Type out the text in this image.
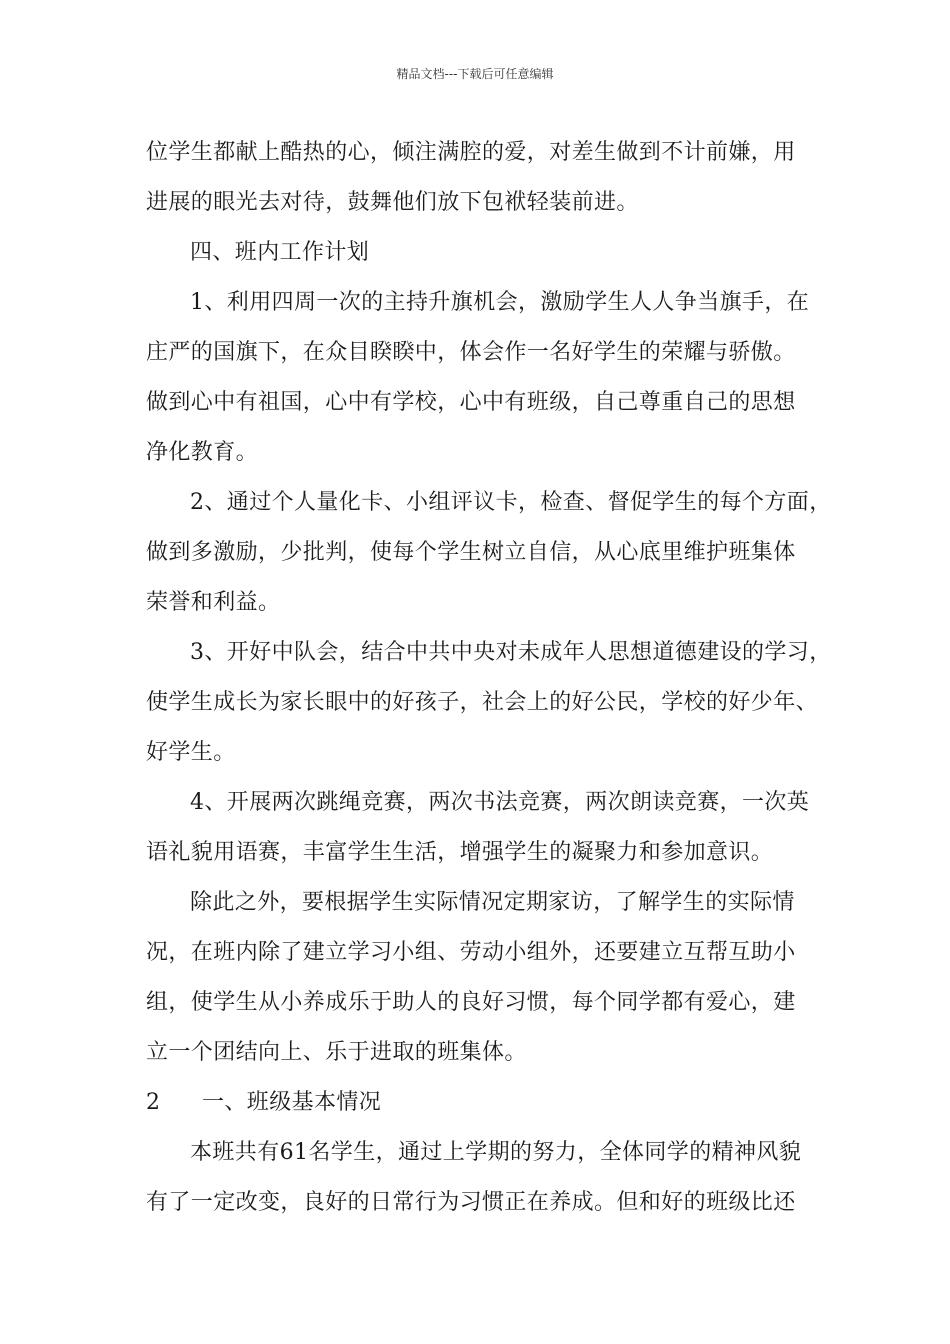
精品文档---下载后可任意编辑
位学生都献上酷热的心，倾注满腔的爱，对差生做到不计前嫌，用
进展的眼光去对待，鼓舞他们放下包袱轻装前进。
四、班内工作计划
1、利用四周一次的主持升旗机会，激励学生人人争当旗手，在
庄严的国旗下，在众目睽睽中，体会作一名好学生的荣耀与骄傲。
做到心中有祖国，心中有学校，心中有班级，自己尊重自己的思想
净化教育。
2、通过个人量化卡、小组评议卡，检查、督促学生的每个方面，
做到多激励，少批判，使每个学生树立自信，从心底里维护班集体
荣誉和利益。
3、开好中队会，结合中共中央对未成年人思想道德建设的学习，
使学生成长为家长眼中的好孩子，社会上的好公民，学校的好少年、
好学生。
4、开展两次跳绳竞赛，两次书法竞赛，两次朗读竞赛，一次英
语礼貌用语赛，丰富学生生活，增强学生的凝聚力和参加意识。
除此之外，要根据学生实际情况定期家访，了解学生的实际情
况，在班内除了建立学习小组、劳动小组外，还要建立互帮互助小
组，使学生从小养成乐于助人的良好习惯，每个同学都有爱心，建
立一个团结向上、乐于进取的班集体。
2 一、班级基本情况
本班共有61名学生，通过上学期的努力，全体同学的精神风貌
有了一定改变，良好的日常行为习惯正在养成。但和好的班级比还
